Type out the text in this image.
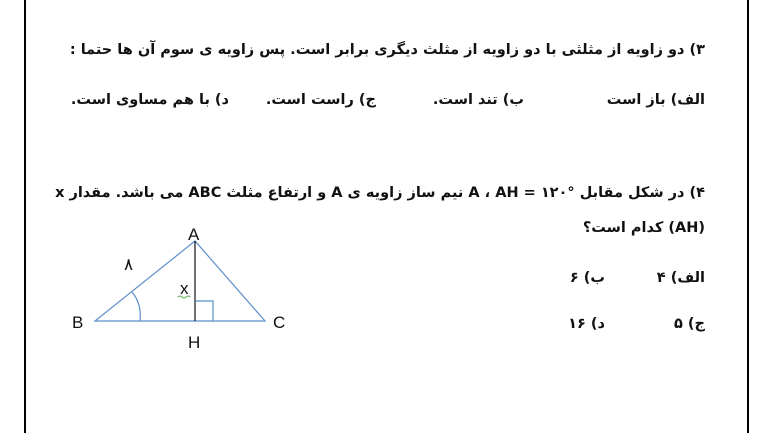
۳) دو زاویه از مثلثی با دو زاویه از مثلث دیگری برابر است. پس زاویه ی سوم آن ها حتما :
الف) باز است
ب) تند است.
ج) راست است.
د) با هم مساوی است.
۴) در شکل مقابل °۱۲۰ = A ، AH نیم ساز زاویه ی A و ارتفاع مثلث ABC می باشد. مقدار x
(AH) کدام است؟
الف) ۴
ب) ۶
ج) ۵
د) ۱۶
A
B	C
H
۸
x
